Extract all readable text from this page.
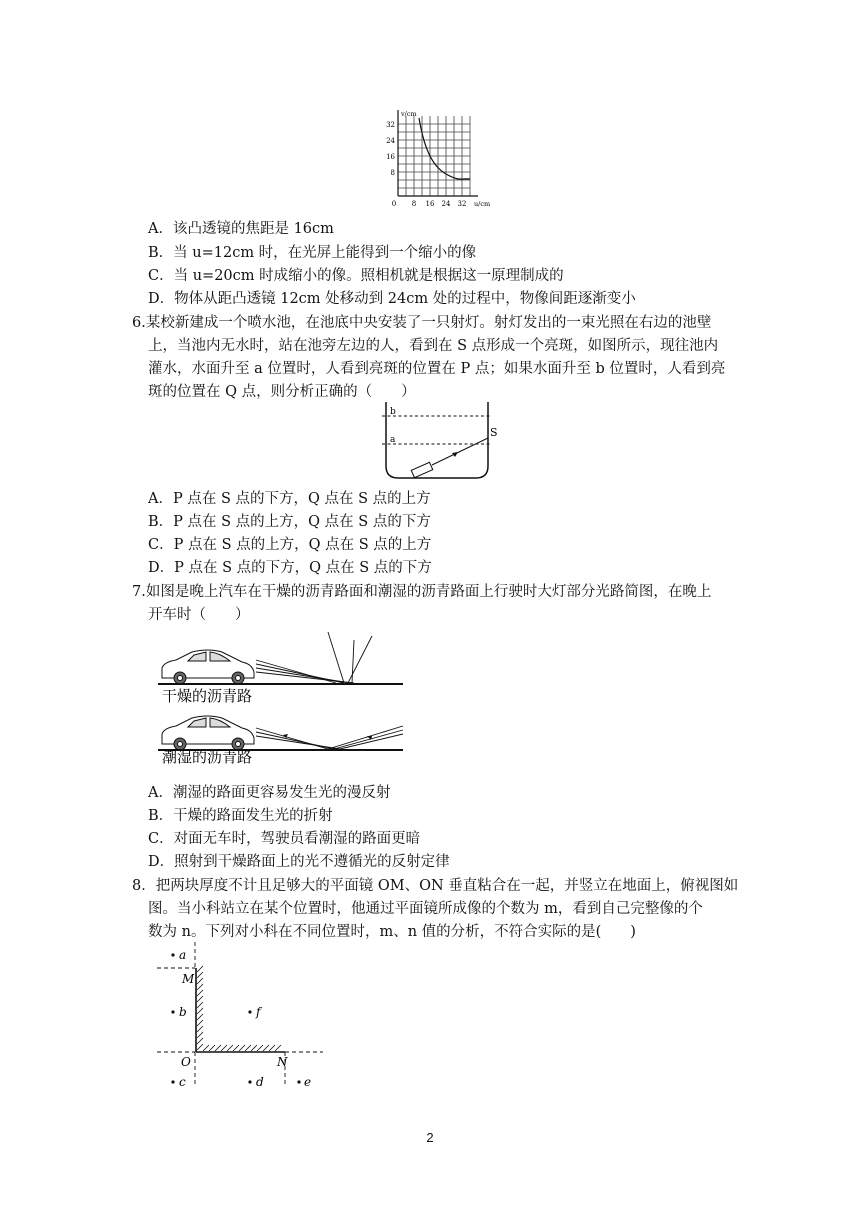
v/cm
u/cm
32
24
16
8
0 8 16 24 32
A．该凸透镜的焦距是 16cm
B．当 u=12cm 时，在光屏上能得到一个缩小的像
C．当 u=20cm 时成缩小的像。照相机就是根据这一原理制成的
D．物体从距凸透镜 12cm 处移动到 24cm 处的过程中，物像间距逐渐变小
6.某校新建成一个喷水池，在池底中央安装了一只射灯。射灯发出的一束光照在右边的池壁
上，当池内无水时，站在池旁左边的人，看到在 S 点形成一个亮斑，如图所示，现往池内
灌水，水面升至 a 位置时，人看到亮斑的位置在 P 点；如果水面升至 b 位置时，人看到亮
斑的位置在 Q 点，则分析正确的（　　）
b
a
S
A．P 点在 S 点的下方，Q 点在 S 点的上方
B．P 点在 S 点的上方，Q 点在 S 点的下方
C．P 点在 S 点的上方，Q 点在 S 点的上方
D．P 点在 S 点的下方，Q 点在 S 点的下方
7.如图是晚上汽车在干燥的沥青路面和潮湿的沥青路面上行驶时大灯部分光路简图，在晚上
开车时（　　）
干燥的沥青路
潮湿的沥青路
A．潮湿的路面更容易发生光的漫反射
B．干燥的路面发生光的折射
C．对面无车时，驾驶员看潮湿的路面更暗
D．照射到干燥路面上的光不遵循光的反射定律
8．把两块厚度不计且足够大的平面镜 OM、ON 垂直粘合在一起，并竖立在地面上，俯视图如
图。当小科站立在某个位置时，他通过平面镜所成像的个数为 m，看到自己完整像的个
数为 n。下列对小科在不同位置时，m、n 值的分析，不符合实际的是(　　)
a
M
b	f
O	N
c	d	e
2
